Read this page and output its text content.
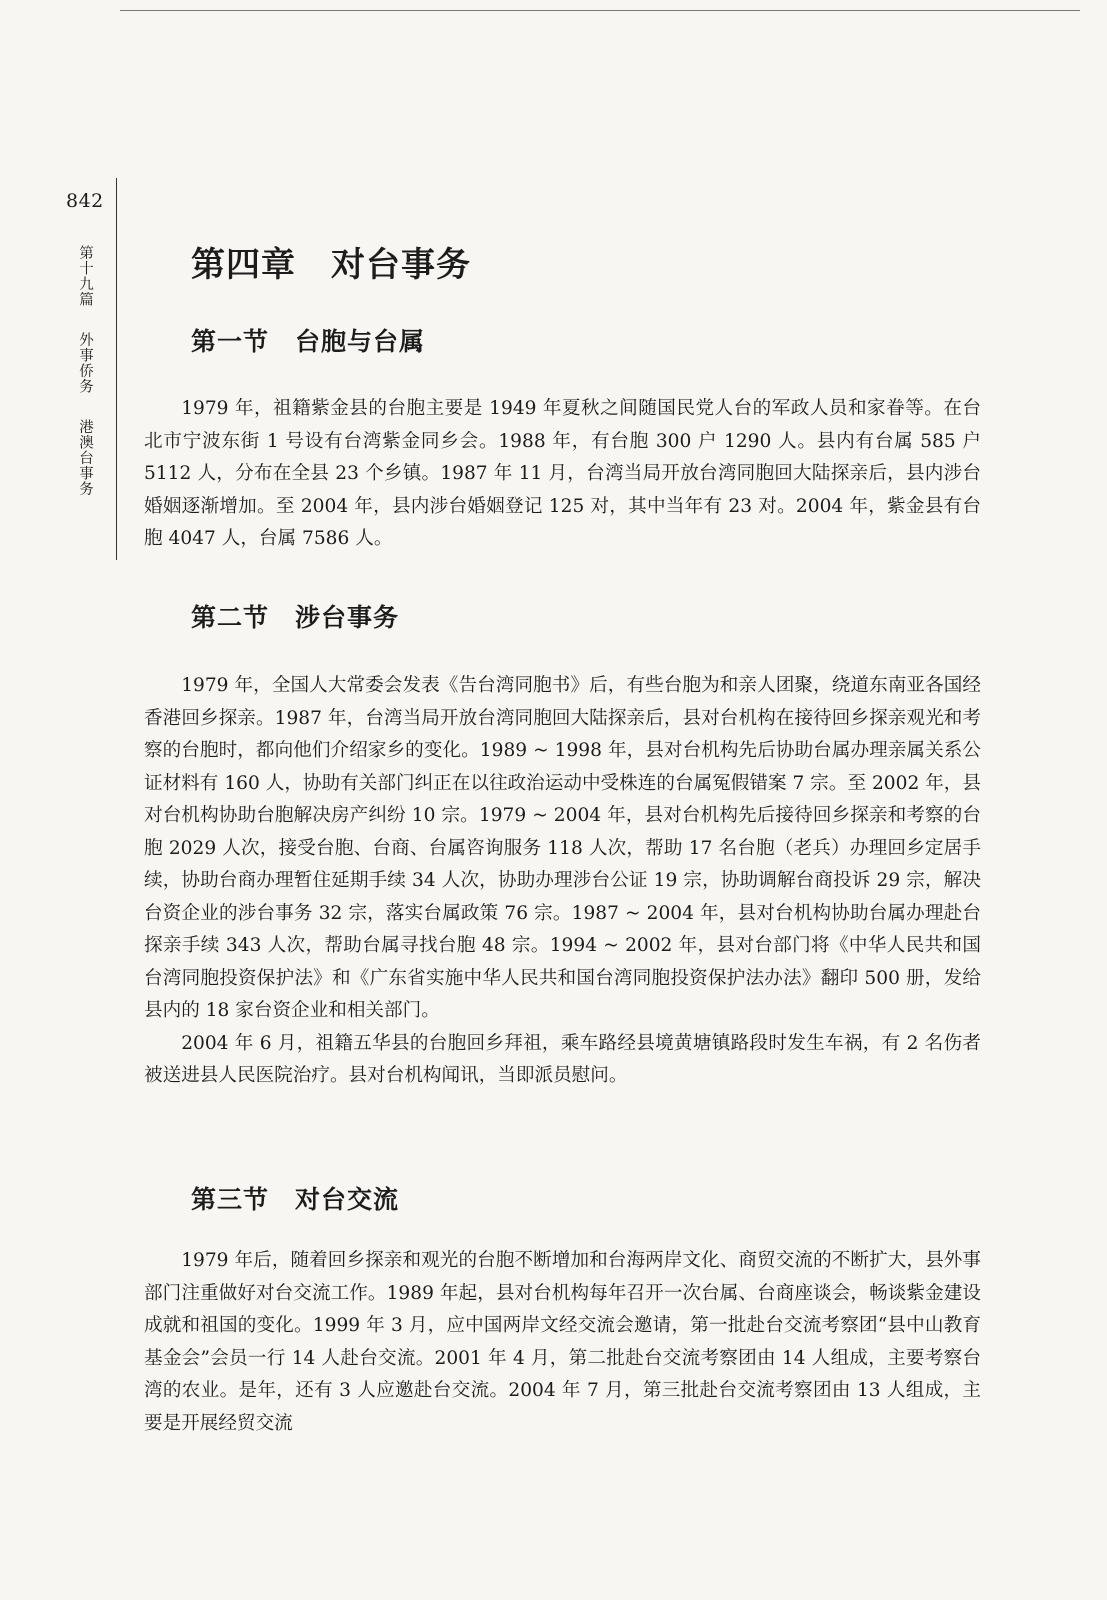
842
第十九篇 外事侨务 港澳台事务
第四章　对台事务
第一节　台胞与台属

1979 年，祖籍紫金县的台胞主要是 1949 年夏秋之间随国民党人台的军政人员和家眷等。在台北市宁波东街 1 号设有台湾紫金同乡会。1988 年，有台胞 300 户 1290 人。县内有台属 585 户 5112 人，分布在全县 23 个乡镇。1987 年 11 月，台湾当局开放台湾同胞回大陆探亲后，县内涉台婚姻逐渐增加。至 2004 年，县内涉台婚姻登记 125 对，其中当年有 23 对。2004 年，紫金县有台胞 4047 人，台属 7586 人。

第二节　涉台事务

1979 年，全国人大常委会发表《告台湾同胞书》后，有些台胞为和亲人团聚，绕道东南亚各国经香港回乡探亲。1987 年，台湾当局开放台湾同胞回大陆探亲后，县对台机构在接待回乡探亲观光和考察的台胞时，都向他们介绍家乡的变化。1989 ~ 1998 年，县对台机构先后协助台属办理亲属关系公证材料有 160 人，协助有关部门纠正在以往政治运动中受株连的台属冤假错案 7 宗。至 2002 年，县对台机构协助台胞解决房产纠纷 10 宗。1979 ~ 2004 年，县对台机构先后接待回乡探亲和考察的台胞 2029 人次，接受台胞、台商、台属咨询服务 118 人次，帮助 17 名台胞（老兵）办理回乡定居手续，协助台商办理暂住延期手续 34 人次，协助办理涉台公证 19 宗，协助调解台商投诉 29 宗，解决台资企业的涉台事务 32 宗，落实台属政策 76 宗。1987 ~ 2004 年，县对台机构协助台属办理赴台探亲手续 343 人次，帮助台属寻找台胞 48 宗。1994 ~ 2002 年，县对台部门将《中华人民共和国台湾同胞投资保护法》和《广东省实施中华人民共和国台湾同胞投资保护法办法》翻印 500 册，发给县内的 18 家台资企业和相关部门。

2004 年 6 月，祖籍五华县的台胞回乡拜祖，乘车路经县境黄塘镇路段时发生车祸，有 2 名伤者被送进县人民医院治疗。县对台机构闻讯，当即派员慰问。

第三节　对台交流

1979 年后，随着回乡探亲和观光的台胞不断增加和台海两岸文化、商贸交流的不断扩大，县外事部门注重做好对台交流工作。1989 年起，县对台机构每年召开一次台属、台商座谈会，畅谈紫金建设成就和祖国的变化。1999 年 3 月，应中国两岸文经交流会邀请，第一批赴台交流考察团“县中山教育基金会”会员一行 14 人赴台交流。2001 年 4 月，第二批赴台交流考察团由 14 人组成，主要考察台湾的农业。是年，还有 3 人应邀赴台交流。2004 年 7 月，第三批赴台交流考察团由 13 人组成，主要是开展经贸交流
